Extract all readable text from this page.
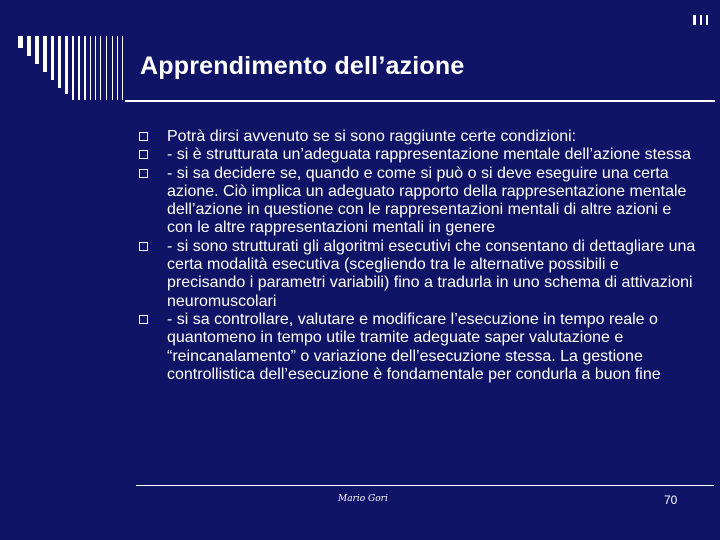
Apprendimento dell’azione

Potrà dirsi avvenuto se si sono raggiunte certe condizioni:

- si è strutturata un’adeguata rappresentazione mentale dell’azione stessa

- si sa decidere se, quando e come si può o si deve eseguire una certa azione. Ciò implica un adeguato rapporto della rappresentazione mentale dell’azione in questione con le rappresentazioni mentali di altre azioni e con le altre rappresentazioni mentali in genere

- si sono strutturati gli algoritmi esecutivi che consentano di dettagliare una certa modalità esecutiva (scegliendo tra le alternative possibili e precisando i parametri variabili) fino a tradurla in uno schema di attivazioni neuromuscolari

- si sa controllare, valutare e modificare l’esecuzione in tempo reale o quantomeno in tempo utile tramite adeguate saper valutazione e “reincanalamento” o variazione dell’esecuzione stessa. La gestione controllistica dell’esecuzione è fondamentale per condurla a buon fine

Mario Gori	70
